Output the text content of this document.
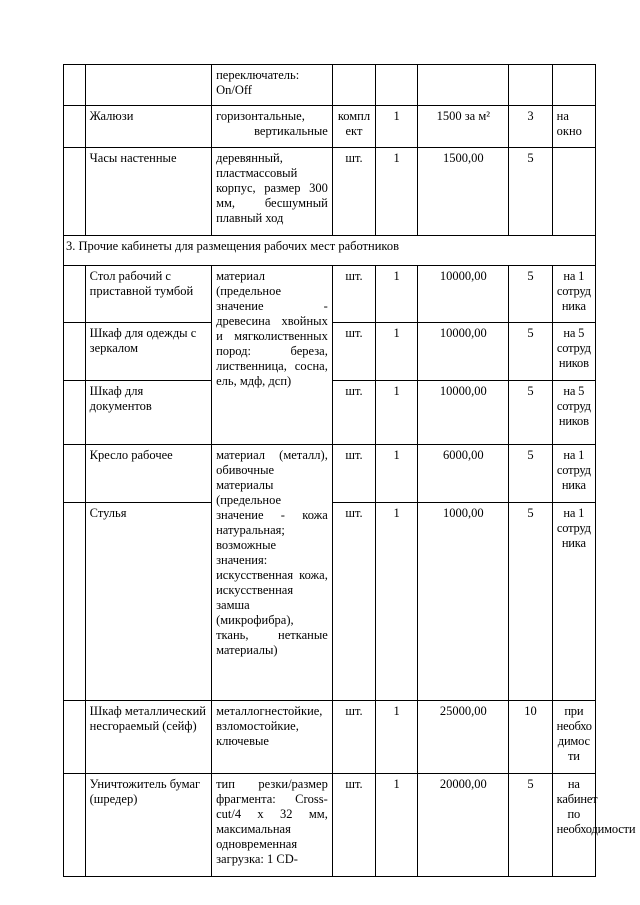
		переключатель:
On/Off					

	Жалюзи	горизонтальные, вертикальные	компл ект	1	1500 за м²	3	на окно
	Часы настенные	деревянный, пластмассовый корпус, размер 300 мм, бесшумный плавный ход	шт.	1	1500,00	5	
3. Прочие кабинеты для размещения рабочих мест работников							
	Стол рабочий с приставной тумбой	материал (предельное значение - древесина хвойных и мягколиственных пород: береза, лиственница, сосна, ель, мдф, дсп)	шт.	1	10000,00	5	на 1 сотруд ника
	Шкаф для одежды с зеркалом		шт.	1	10000,00	5	на 5 сотруд ников
	Шкаф для документов		шт.	1	10000,00	5	на 5 сотруд ников
	Кресло рабочее	материал (металл), обивочные материалы (предельное значение - кожа натуральная; возможные значения: искусственная кожа, искусственная замша (микрофибра), ткань, нетканые материалы)	шт.	1	6000,00	5	на 1 сотруд ника
	Стулья		шт.	1	1000,00	5	на 1 сотруд ника
	Шкаф металлический несгораемый (сейф)	металлогнестойкие, взломостойкие, ключевые	шт.	1	25000,00	10	при необхо димос ти
	Уничтожитель бумаг (шредер)	тип резки/размер фрагмента: Cross-cut/4 х 32 мм, максимальная одновременная загрузка: 1 CD-	шт.	1	20000,00	5	на кабинет по необходимости
